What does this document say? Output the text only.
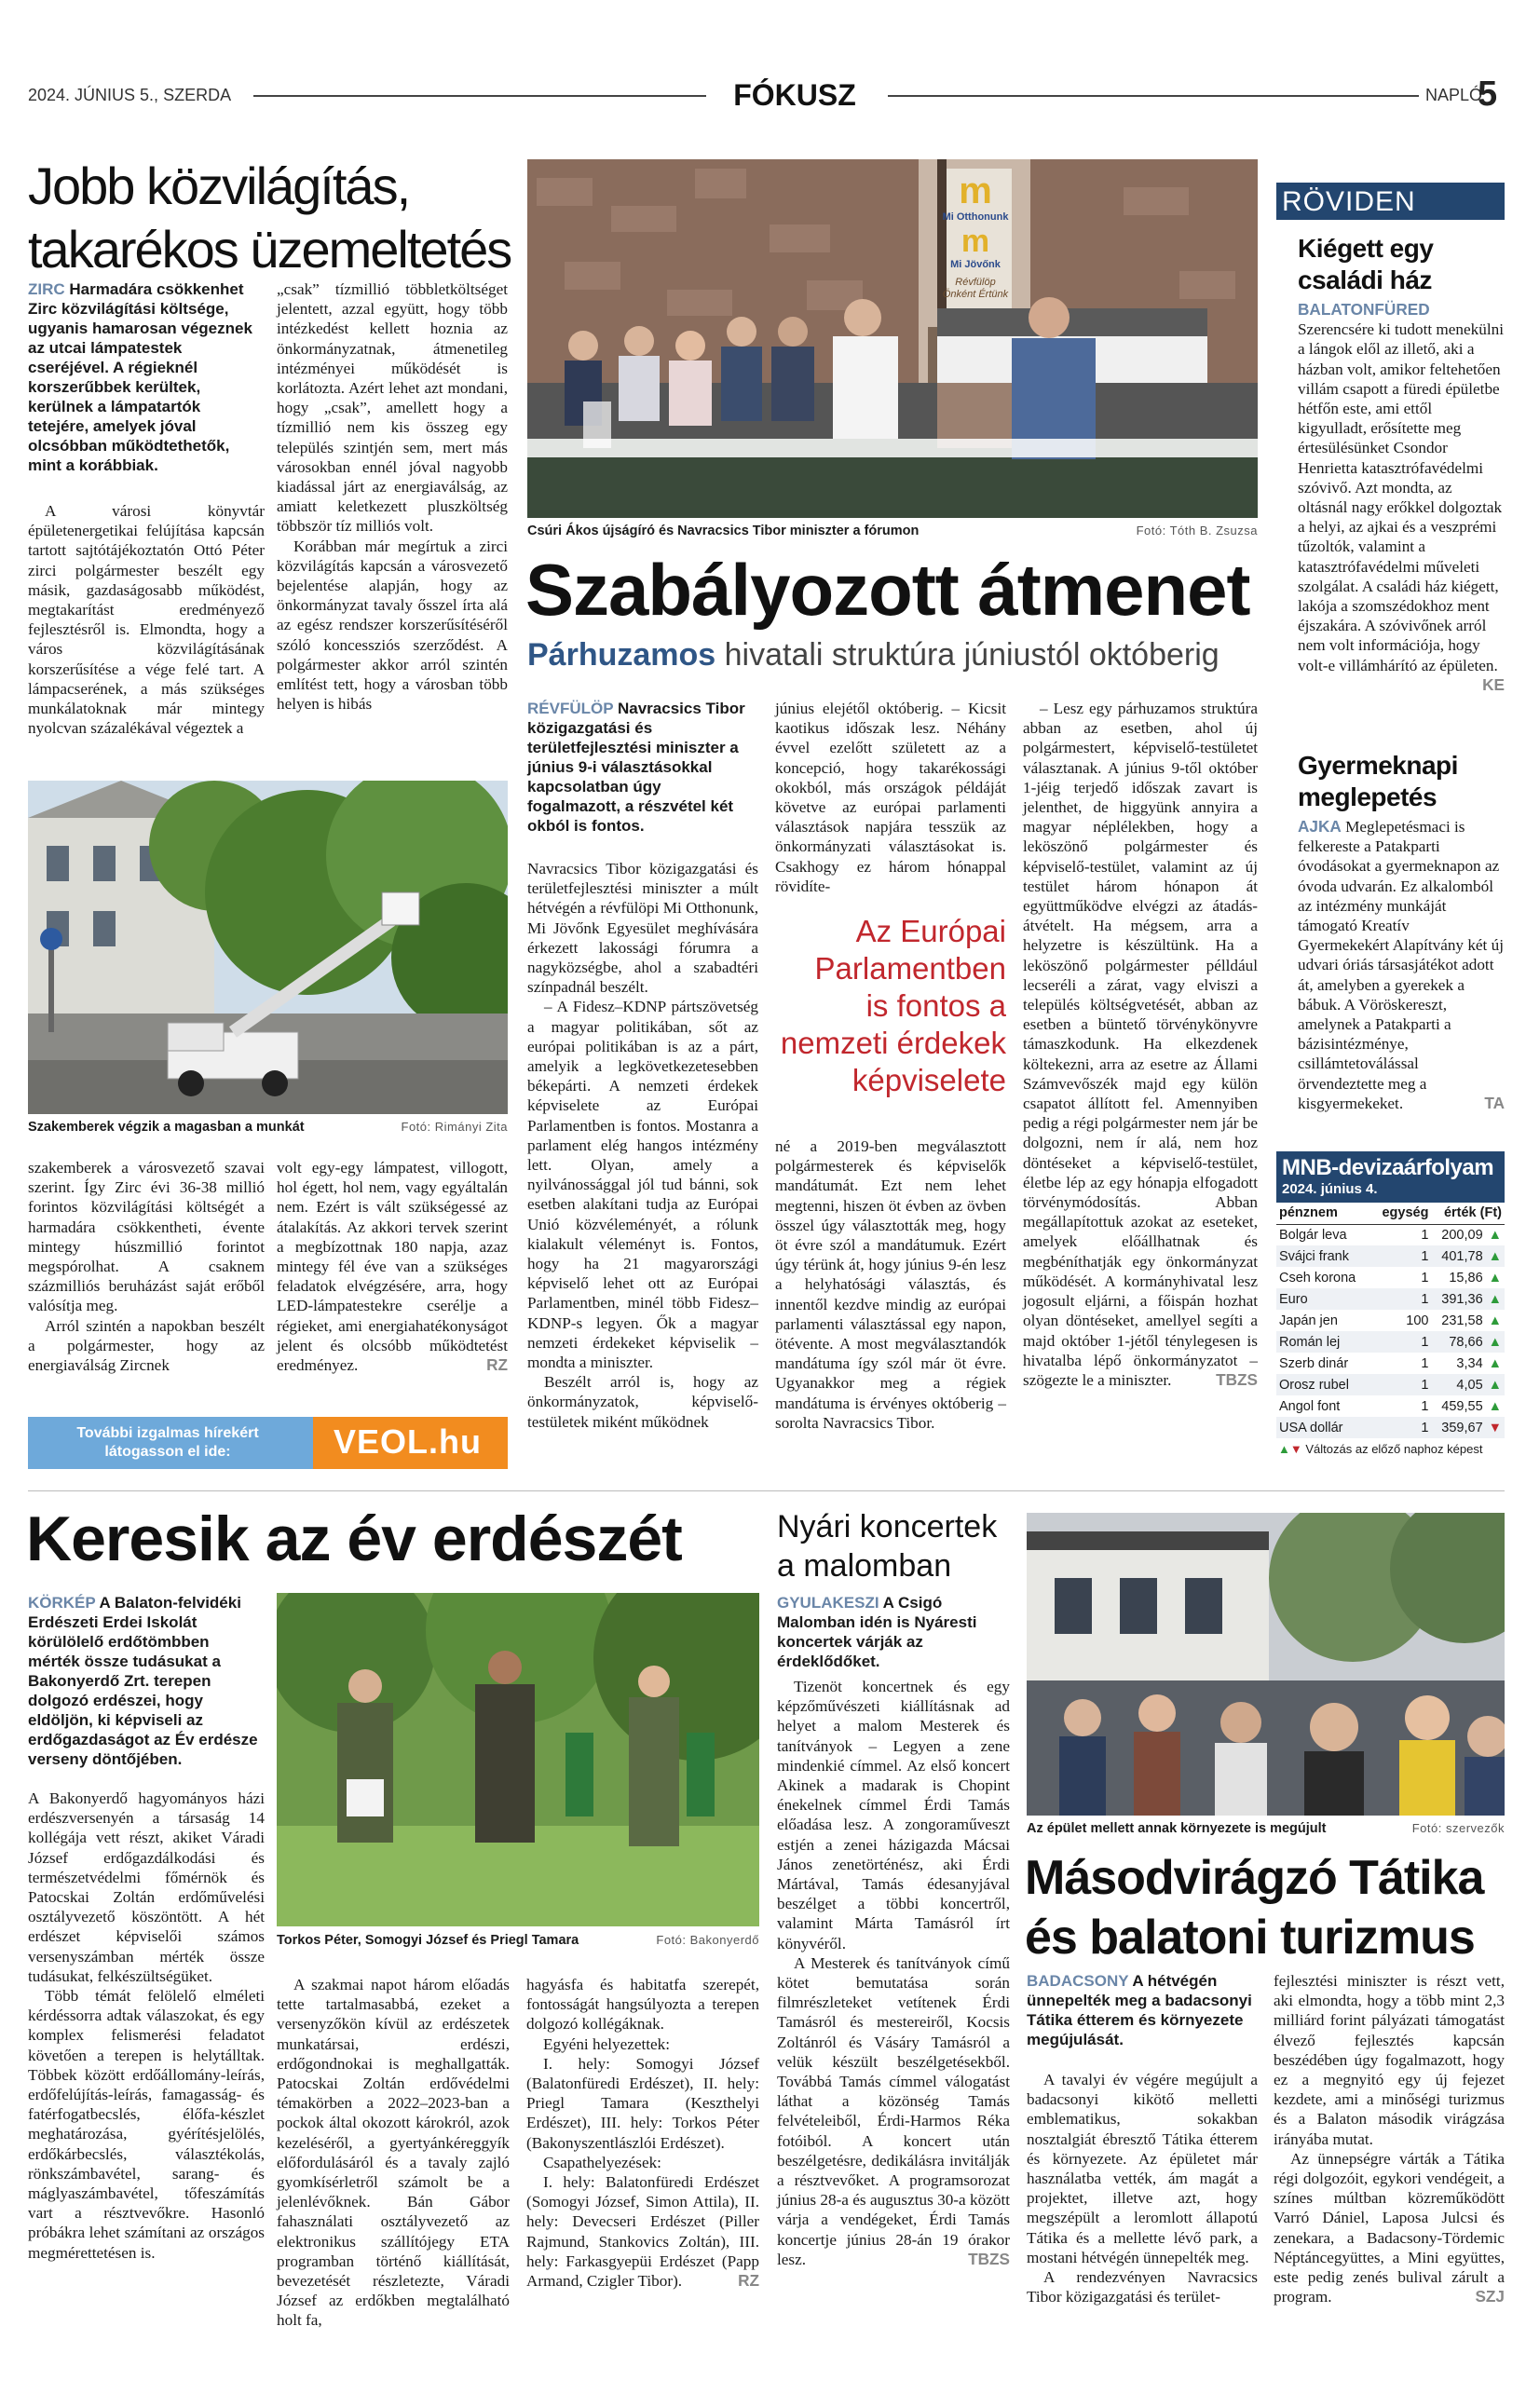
2024. JÚNIUS 5., SZERDA	FÓKUSZ	NAPLÓ
5
Jobb közvilágítás,
takarékos üzemeltetés
ZIRC Harmadára csökkenhet Zirc közvilágítási költsége, ugyanis hamarosan végeznek az utcai lámpatestek cseréjével. A régieknél korszerűbbek kerültek, kerülnek a lámpatartók tetejére, amelyek jóval olcsóbban működtethetők, mint a korábbiak.

A városi könyvtár épületenergetikai felújítása kapcsán tartott sajtótájékoztatón Ottó Péter zirci polgármester beszélt egy másik, gazdaságosabb működést, megtakarítást eredményező fejlesztésről is. Elmondta, hogy a város közvilágításának korszerűsítése a vége felé tart. A lámpacserének, a más szükséges munkálatoknak már mintegy nyolcvan százalékával végeztek a

„csak” tízmillió többletköltséget jelentett, azzal együtt, hogy több intézkedést kellett hoznia az önkormányzatnak, átmenetileg intézményei működését is korlátozta. Azért lehet azt mondani, hogy „csak”, amellett hogy a tízmillió nem kis összeg egy település szintjén sem, mert más városokban ennél jóval nagyobb kiadással járt az energiaválság, az amiatt keletkezett pluszköltség többször tíz milliós volt.

Korábban már megírtuk a zirci közvilágítás kapcsán a városvezető bejelentése alapján, hogy az önkormányzat tavaly ősszel írta alá az egész rendszer korszerűsítéséről szóló koncessziós szerződést. A polgármester akkor arról szintén említést tett, hogy a városban több helyen is hibás

Fotó: Rimányi Zita
Szakemberek végzik a magasban a munkát

szakemberek a városvezető szavai szerint. Így Zirc évi 36-38 millió forintos közvilágítási költségét a harmadára csökkentheti, évente mintegy húszmillió forintot megspórolhat. A csaknem százmilliós beruházást saját erőből valósítja meg.

Arról szintén a napokban beszélt a polgármester, hogy az energiaválság Zircnek

volt egy-egy lámpatest, villogott, hol égett, hol nem, vagy egyáltalán nem. Ezért is vált szükségessé az átalakítás. Az akkori tervek szerint a megbízottnak 180 napja, azaz mintegy fél éve van a szükséges feladatok elvégzésére, arra, hogy LED-lámpatestekre cserélje a régieket, ami energiahatékonyságot jelent és olcsóbb működtetést eredményez.	RZ

További izgalmas hírekért látogasson el ide:	VEOL.hu
m
Mi Otthonunk
m
Mi Jövőnk
Révfülöp Önként Értünk
Fotó: Tóth B. Zsuzsa
Csúri Ákos újságíró és Navracsics Tibor miniszter a fórumon
Szabályozott átmenet
Párhuzamos hivatali struktúra júniustól októberig
RÉVFÜLÖP Navracsics Tibor közigazgatási és területfejlesztési miniszter a június 9-i választásokkal kapcsolatban úgy fogalmazott, a részvétel két okból is fontos.

Navracsics Tibor közigazgatási és területfejlesztési miniszter a múlt hétvégén a révfülöpi Mi Otthonunk, Mi Jövőnk Egyesület meghívására érkezett lakossági fórumra a nagyközségbe, ahol a szabadtéri színpadnál beszélt.

– A Fidesz–KDNP pártszövetség a magyar politikában, sőt az európai politikában is az a párt, amelyik a legkövetkezetesebben békepárti. A nemzeti érdekek képviselete az Európai Parlamentben is fontos. Mostanra a parlament elég hangos intézmény lett. Olyan, amely a nyilvánossággal jól tud bánni, sok esetben alakítani tudja az Európai Unió közvéleményét, a rólunk kialakult véleményt is. Fontos, hogy ha 21 magyarországi képviselő lehet ott az Európai Parlamentben, minél több Fidesz–KDNP-s legyen. Ők a magyar nemzeti érdekeket képviselik – mondta a miniszter.

Beszélt arról is, hogy az önkormányzatok, képviselő-testületek miként működnek

június elejétől októberig. – Kicsit kaotikus időszak lesz. Néhány évvel ezelőtt született az a koncepció, hogy takarékossági okokból, más országok példáját követve az európai parlamenti választások napjára tesszük az önkormányzati választásokat is. Csakhogy ez három hónappal rövidíte-

Az Európai
Parlamentben
is fontos a
nemzeti érdekek
képviselete

né a 2019-ben megválasztott polgármesterek és képviselők mandátumát. Ezt nem lehet megtenni, hiszen öt évben az övben összel úgy választották meg, hogy öt évre szól a mandátumuk. Ezért úgy térünk át, hogy június 9-én lesz a helyhatósági választás, és innentől kezdve mindig az európai parlamenti választással egy napon, ötévente. A most megválasztandók mandátuma így szól már öt évre. Ugyanakkor meg a régiek mandátuma is érvényes októberig – sorolta Navracsics Tibor.

– Lesz egy párhuzamos struktúra abban az esetben, ahol új polgármestert, képviselő-testületet választanak. A június 9-től október 1-jéig terjedő időszak zavart is jelenthet, de higgyünk annyira a magyar néplélekben, hogy a leköszönő polgármester és képviselő-testület, valamint az új testület három hónapon át együttműködve elvégzi az átadás-átvételt. Ha mégsem, arra a helyzetre is készültünk. Ha a leköszönő polgármester pélldául lecseréli a zárat, vagy elviszi a település költségvetését, abban az esetben a büntető törvénykönyvre támaszkodunk. Ha elkezdenek költekezni, arra az esetre az Állami Számvevőszék majd egy külön csapatot állított fel. Amennyiben pedig a régi polgármester nem jár be dolgozni, nem ír alá, nem hoz döntéseket a képviselő-testület, életbe lép az egy hónapja elfogadott törvénymódosítás. Abban megállapítottuk azokat az eseteket, amelyek előállhatnak és megbéníthatják egy önkormányzat működését. A kormányhivatal lesz jogosult eljárni, a főispán hozhat olyan döntéseket, amellyel segíti a majd október 1-jétől ténylegesen is hivatalba lépő önkormányzatot – szögezte le a miniszter.	TBZS

RÖVIDEN
Kiégett egy
családi ház

BALATONFÜRED Szerencsére ki tudott menekülni a lángok elől az illető, aki a házban volt, amikor feltehetően villám csapott a füredi épületbe hétfőn este, ami ettől kigyulladt, erősítette meg értesülésünket Csondor Henrietta katasztrófavédelmi szóvivő. Azt mondta, az oltásnál nagy erőkkel dolgoztak a helyi, az ajkai és a veszprémi tűzoltók, valamint a katasztrófavédelmi műveleti szolgálat. A családi ház kiégett, lakója a szomszédokhoz ment éjszakára. A szóvivőnek arról nem volt információja, hogy volt-e villámhárító az épületen.
KE

Gyermeknapi
meglepetés

AJKA Meglepetésmaci is felkereste a Patakparti óvodásokat a gyermeknapon az óvoda udvarán. Ez alkalomból az intézmény munkáját támogató Kreatív Gyermekekért Alapítvány két új udvari óriás társasjátékot adott át, amelyben a gyerekek a bábuk. A Vöröskereszt, amelynek a Patakparti a bázisintézménye, csillámtetoválással örvendeztette meg a kisgyermekeket.	TA

MNB-devizaárfolyam
2024. június 4.
pénznem	egység	érték (Ft)	
Bolgár leva	1	200,09	▲
Svájci frank	1	401,78	▲
Cseh korona	1	15,86	▲
Euro	1	391,36	▲
Japán jen	100	231,58	▲
Román lej	1	78,66	▲
Szerb dinár	1	3,34	▲
Orosz rubel	1	4,05	▲
Angol font	1	459,55	▲
USA dollár	1	359,67	▼
▲▼ Változás az előző naphoz képest
Keresik az év erdészét
KÖRKÉP A Balaton-felvidéki Erdészeti Erdei Iskolát körülölelő erdőtömbben mérték össze tudásukat a Bakonyerdő Zrt. terepen dolgozó erdészei, hogy eldöljön, ki képviseli az erdőgazdaságot az Év erdésze verseny döntőjében.

A Bakonyerdő hagyományos házi erdészversenyén a társaság 14 kollégája vett részt, akiket Váradi József erdőgazdálkodási és természetvédelmi főmérnök és Patocskai Zoltán erdőművelési osztályvezető köszöntött. A hét erdészet képviselői számos versenyszámban mérték össze tudásukat, felkészültségüket.

Több témát felölelő elméleti kérdéssorra adtak válaszokat, és egy komplex felismerési feladatot követően a terepen is helytálltak. Többek között erdőállomány-leírás, erdőfelújítás-leírás, famagasság- és fatérfogatbecslés, élőfa-készlet meghatározása, gyérítésjelölés, erdőkárbecslés, választékolás, rönkszámbavétel, sarang- és máglyaszámbavétel, tőfeszámítás vart a résztvevőkre. Hasonló próbákra lehet számítani az országos megmérettetésen is.

Fotó: Bakonyerdő
Torkos Péter, Somogyi József és Priegl Tamara

A szakmai napot három előadás tette tartalmasabbá, ezeket a versenyzőkön kívül az erdészetek munkatársai, erdészi, erdőgondnokai is meghallgatták. Patocskai Zoltán erdővédelmi témakörben a 2022–2023-ban a pockok által okozott károkról, azok kezeléséről, a gyertyánkéreggyík előfordulásáról és a tavaly zajló gyomkísérletről számolt be a jelenlévőknek. Bán Gábor fahasználati osztályvezető az elektronikus szállítójegy ETA programban történő kiállítását, bevezetését részletezte, Váradi József az erdőkben megtalálható holt fa,

hagyásfa és habitatfa szerepét, fontosságát hangsúlyozta a terepen dolgozó kollégáknak.

Egyéni helyezettek:

I. hely: Somogyi József (Balatonfüredi Erdészet), II. hely: Priegl Tamara (Keszthelyi Erdészet), III. hely: Torkos Péter (Bakonyszentlászlói Erdészet).

Csapathelyezések:

I. hely: Balatonfüredi Erdészet (Somogyi József, Simon Attila), II. hely: Devecseri Erdészet (Piller Rajmund, Stankovics Zoltán), III. hely: Farkasgyepüi Erdészet (Papp Armand, Czigler Tibor).	RZ

Nyári koncertek
a malomban
GYULAKESZI A Csigó Malomban idén is Nyáresti koncertek várják az érdeklődőket.

Tizenöt koncertnek és egy képzőművészeti kiállításnak ad helyet a malom Mesterek és tanítványok – Legyen a zene mindenkié címmel. Az első koncert Akinek a madarak is Chopint énekelnek címmel Érdi Tamás előadása lesz. A zongoraműveszt estjén a zenei házigazda Mácsai János zenetörténész, aki Érdi Mártával, Tamás édesanyjával beszélget a többi koncertről, valamint Márta Tamásról írt könyvéről.

A Mesterek és tanítványok című kötet bemutatása során filmrészleteket vetítenek Érdi Tamásról és mestereiről, Kocsis Zoltánról és Vásáry Tamásról a velük készült beszélgetésekből. Továbbá Tamás címmel válogatást láthat a közönség Tamás felvételeiből, Érdi-Harmos Réka fotóiból. A koncert után beszélgetésre, dedikálásra invitálják a résztvevőket. A programsorozat június 28-a és augusztus 30-a között várja a vendégeket, Érdi Tamás koncertje június 28-án 19 órakor lesz.	TBZS

Fotó: szervezők
Az épület mellett annak környezete is megújult
Másodvirágzó Tátika
és balatoni turizmus
BADACSONY A hétvégén ünnepelték meg a badacsonyi Tátika étterem és környezete megújulását.

A tavalyi év végére megújult a badacsonyi kikötő melletti emblematikus, sokakban nosztalgiát ébresztő Tátika étterem és környezete. Az épületet már használatba vették, ám magát a projektet, illetve azt, hogy megszépült a leromlott állapotú Tátika és a mellette lévő park, a mostani hétvégén ünnepelték meg.

A rendezvényen Navracsics Tibor közigazgatási és terület-

fejlesztési miniszter is részt vett, aki elmondta, hogy a több mint 2,3 milliárd forint pályázati támogatást élvező fejlesztés kapcsán beszédében úgy fogalmazott, hogy ez a megnyitó egy új fejezet kezdete, ami a minőségi turizmus és a Balaton második virágzása irányába mutat.

Az ünnepségre várták a Tátika régi dolgozóit, egykori vendégeit, a színes múltban közreműködött Varró Dániel, Laposa Julcsi és zenekara, a Badacsony-Tördemic Néptáncegyüttes, a Mini együttes, este pedig zenés bulival zárult a program.	SZJ
